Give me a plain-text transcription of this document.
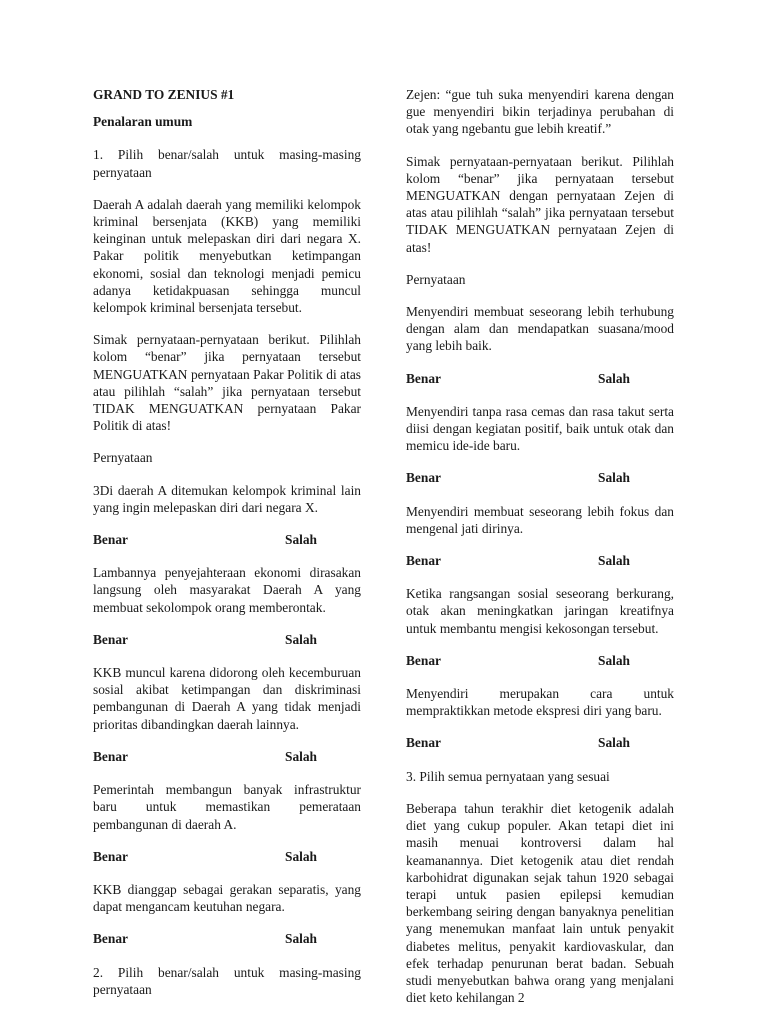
GRAND TO ZENIUS #1

Penalaran umum

1. Pilih benar/salah untuk masing-masing pernyataan

Daerah A adalah daerah yang memiliki kelompok kriminal bersenjata (KKB) yang memiliki keinginan untuk melepaskan diri dari negara X. Pakar politik menyebutkan ketimpangan ekonomi, sosial dan teknologi menjadi pemicu adanya ketidakpuasan sehingga muncul kelompok kriminal bersenjata tersebut.

Simak pernyataan-pernyataan berikut. Pilihlah kolom “benar” jika pernyataan tersebut MENGUATKAN pernyataan Pakar Politik di atas atau pilihlah “salah” jika pernyataan tersebut TIDAK MENGUATKAN pernyataan Pakar Politik di atas!

Pernyataan

3Di daerah A ditemukan kelompok kriminal lain yang ingin melepaskan diri dari negara X.

Benar	Salah

Lambannya penyejahteraan ekonomi dirasakan langsung oleh masyarakat Daerah A yang membuat sekolompok orang memberontak.

Benar	Salah

KKB muncul karena didorong oleh kecemburuan sosial akibat ketimpangan dan diskriminasi pembangunan di Daerah A yang tidak menjadi prioritas dibandingkan daerah lainnya.

Benar	Salah

Pemerintah membangun banyak infrastruktur baru untuk memastikan pemerataan pembangunan di daerah A.

Benar	Salah

KKB dianggap sebagai gerakan separatis, yang dapat mengancam keutuhan negara.

Benar	Salah

2. Pilih benar/salah untuk masing-masing pernyataan

Zejen: “gue tuh suka menyendiri karena dengan gue menyendiri bikin terjadinya perubahan di otak yang ngebantu gue lebih kreatif.”

Simak pernyataan-pernyataan berikut. Pilihlah kolom “benar” jika pernyataan tersebut MENGUATKAN dengan pernyataan Zejen di atas atau pilihlah “salah” jika pernyataan tersebut TIDAK MENGUATKAN pernyataan Zejen di atas!

Pernyataan

Menyendiri membuat seseorang lebih terhubung dengan alam dan mendapatkan suasana/mood yang lebih baik.

Benar	Salah

Menyendiri tanpa rasa cemas dan rasa takut serta diisi dengan kegiatan positif, baik untuk otak dan memicu ide-ide baru.

Benar	Salah

Menyendiri membuat seseorang lebih fokus dan mengenal jati dirinya.

Benar	Salah

Ketika rangsangan sosial seseorang berkurang, otak akan meningkatkan jaringan kreatifnya untuk membantu mengisi kekosongan tersebut.

Benar	Salah

Menyendiri merupakan cara untuk mempraktikkan metode ekspresi diri yang baru.

Benar	Salah

3. Pilih semua pernyataan yang sesuai

Beberapa tahun terakhir diet ketogenik adalah diet yang cukup populer. Akan tetapi diet ini masih menuai kontroversi dalam hal keamanannya. Diet ketogenik atau diet rendah karbohidrat digunakan sejak tahun 1920 sebagai terapi untuk pasien epilepsi kemudian berkembang seiring dengan banyaknya penelitian yang menemukan manfaat lain untuk penyakit diabetes melitus, penyakit kardiovaskular, dan efek terhadap penurunan berat badan. Sebuah studi menyebutkan bahwa orang yang menjalani diet keto kehilangan 2
